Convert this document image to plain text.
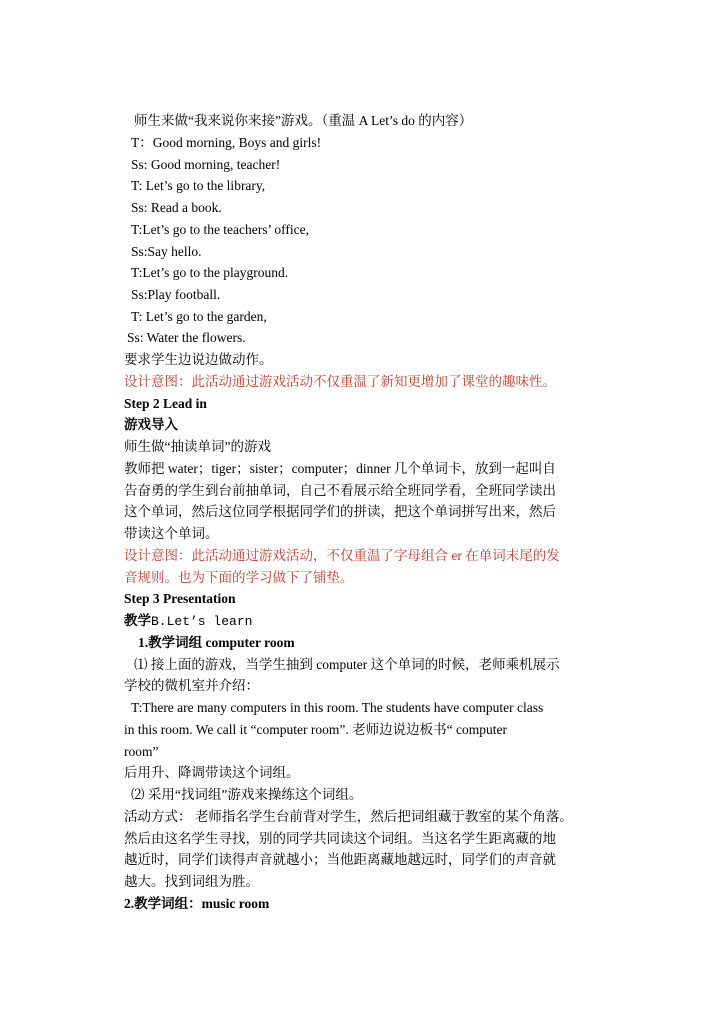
师生来做“我来说你来接”游戏。（重温 A Let’s do 的内容）
T：Good morning, Boys and girls!
Ss: Good morning, teacher!
T: Let’s go to the library,
Ss: Read a book.
T:Let’s go to the teachers’ office,
Ss:Say hello.
T:Let’s go to the playground.
Ss:Play football.
T: Let’s go to the garden,
Ss: Water the flowers.
要求学生边说边做动作。
设计意图：此活动通过游戏活动不仅重温了新知更增加了课堂的趣味性。
Step 2 Lead in
游戏导入
师生做“抽读单词”的游戏
教师把 water；tiger；sister；computer；dinner 几个单词卡，放到一起叫自
告奋勇的学生到台前抽单词，自己不看展示给全班同学看，全班同学读出
这个单词，然后这位同学根据同学们的拼读，把这个单词拼写出来，然后
带读这个单词。
设计意图：此活动通过游戏活动，不仅重温了字母组合 er 在单词末尾的发
音规则。也为下面的学习做下了铺垫。
Step 3 Presentation
教学B.Let’s learn
1.教学词组 computer room
⑴ 接上面的游戏，当学生抽到 computer 这个单词的时候，老师乘机展示
学校的微机室并介绍：
T:There are many computers in this room. The students have computer class
in this room. We call it “computer room”. 老师边说边板书“ computer
room”
后用升、降调带读这个词组。
⑵ 采用“找词组”游戏来操练这个词组。
活动方式： 老师指名学生台前背对学生，然后把词组藏于教室的某个角落。
然后由这名学生寻找，别的同学共同读这个词组。当这名学生距离藏的地
越近时，同学们读得声音就越小；当他距离藏地越远时，同学们的声音就
越大。找到词组为胜。
2.教学词组：music room
